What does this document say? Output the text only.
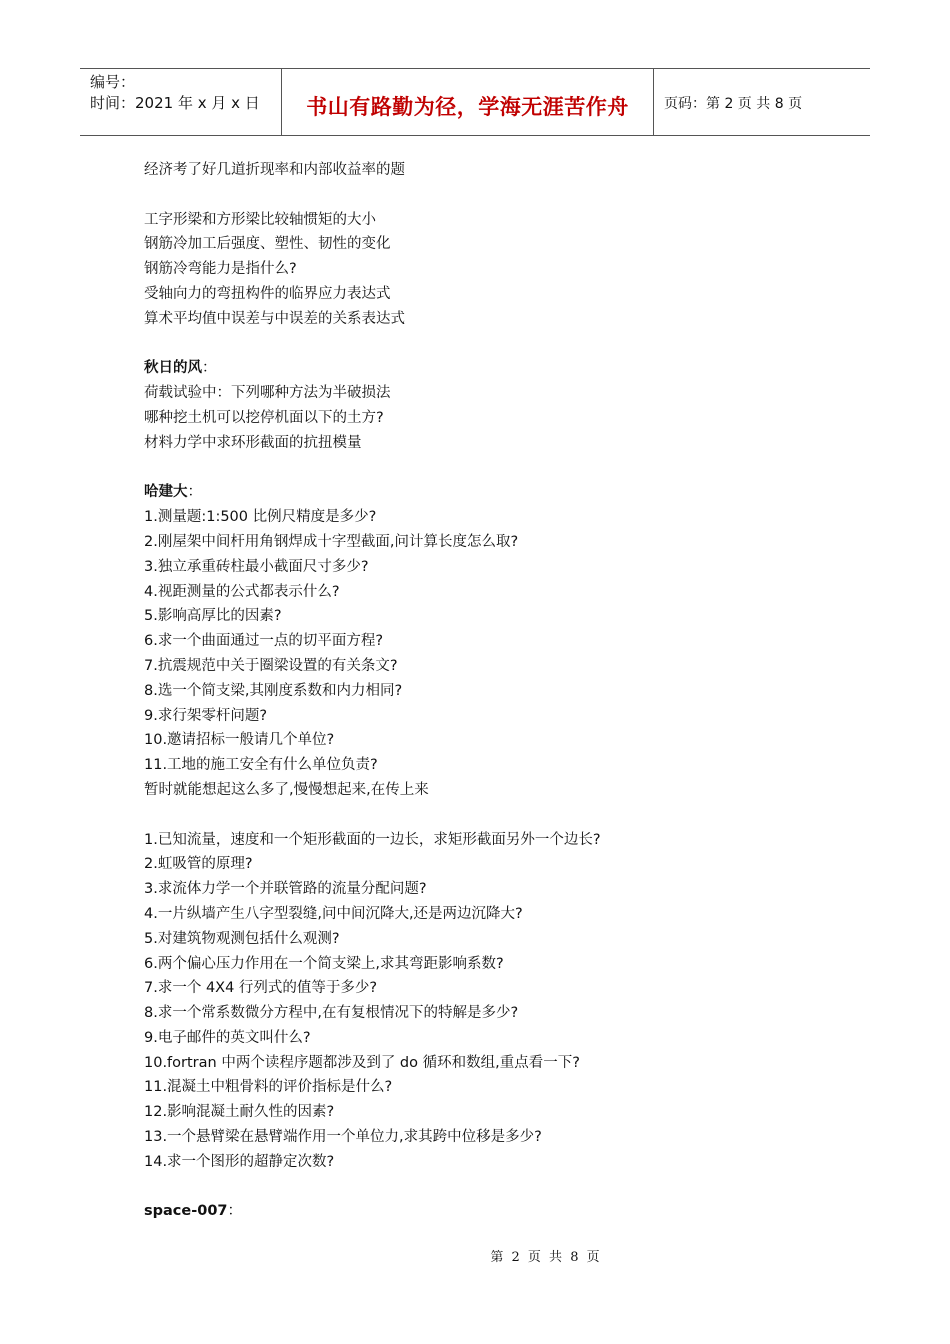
编号：
时间：2021 年 x 月 x 日	书山有路勤为径，学海无涯苦作舟	页码：第 2 页 共 8 页
经济考了好几道折现率和内部收益率的题
工字形梁和方形梁比较轴惯矩的大小
钢筋冷加工后强度、塑性、韧性的变化
钢筋冷弯能力是指什么?
受轴向力的弯扭构件的临界应力表达式
算术平均值中误差与中误差的关系表达式
秋日的风：
荷载试验中：下列哪种方法为半破损法
哪种挖土机可以挖停机面以下的土方?
材料力学中求环形截面的抗扭模量
哈建大：
1.测量题:1:500 比例尺精度是多少?
2.刚屋架中间杆用角钢焊成十字型截面,问计算长度怎么取?
3.独立承重砖柱最小截面尺寸多少?
4.视距测量的公式都表示什么?
5.影响高厚比的因素?
6.求一个曲面通过一点的切平面方程?
7.抗震规范中关于圈梁设置的有关条文?
8.选一个简支梁,其刚度系数和内力相同?
9.求行架零杆问题?
10.邀请招标一般请几个单位?
11.工地的施工安全有什么单位负责?
暂时就能想起这么多了,慢慢想起来,在传上来
1.已知流量，速度和一个矩形截面的一边长，求矩形截面另外一个边长?
2.虹吸管的原理?
3.求流体力学一个并联管路的流量分配问题?
4.一片纵墙产生八字型裂缝,问中间沉降大,还是两边沉降大?
5.对建筑物观测包括什么观测?
6.两个偏心压力作用在一个简支梁上,求其弯距影响系数?
7.求一个 4X4 行列式的值等于多少?
8.求一个常系数微分方程中,在有复根情况下的特解是多少?
9.电子邮件的英文叫什么?
10.fortran 中两个读程序题都涉及到了 do 循环和数组,重点看一下?
11.混凝土中粗骨料的评价指标是什么?
12.影响混凝土耐久性的因素?
13.一个悬臂梁在悬臂端作用一个单位力,求其跨中位移是多少?
14.求一个图形的超静定次数?
space-007：
第 2 页 共 8 页
